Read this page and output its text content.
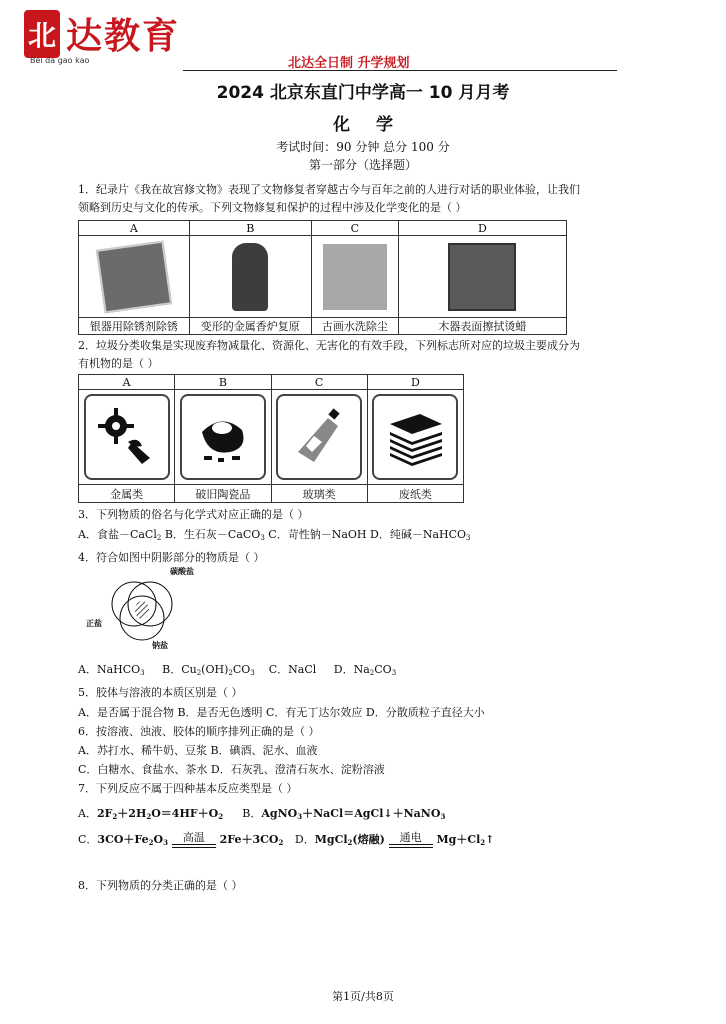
北 达教育
Bei da gao kao	北达全日制 升学规划
2024 北京东直门中学高一 10 月月考
化学
考试时间：90 分钟 总分 100 分
第一部分（选择题）
1．纪录片《我在故宫修文物》表现了文物修复者穿越古今与百年之前的人进行对话的职业体验，让我们
领略到历史与文化的传承。下列文物修复和保护的过程中涉及化学变化的是（ ）
A	B	C	D

银器用除锈剂除锈	变形的金属香炉复原	古画水洗除尘	木器表面擦拭烫蜡
2．垃圾分类收集是实现废弃物减量化、资源化、无害化的有效手段，下列标志所对应的垃圾主要成分为
有机物的是（ ）
A	B	C	D

金属类	破旧陶瓷品	玻璃类	废纸类
3．下列物质的俗名与化学式对应正确的是（ ）
A．食盐－CaCl$_2$ B．生石灰－CaCO$_3$ C．苛性钠－NaOH D．纯碱－NaHCO$_3$
4．符合如图中阴影部分的物质是（ ）
碳酸盐
正盐
钠盐
A．NaHCO$_3$ B．$Cu_2(OH)_2CO_3$ C．NaCl D．$Na_2CO_3$
5．胶体与溶液的本质区别是（ ）
A．是否属于混合物 B．是否无色透明 C．有无丁达尔效应 D．分散质粒子直径大小
6．按溶液、浊液、胶体的顺序排列正确的是（ ）
A．苏打水、稀牛奶、豆浆 B．碘酒、泥水、血液
C．白糖水、食盐水、茶水 D．石灰乳、澄清石灰水、淀粉溶液
7．下列反应不属于四种基本反应类型是（ ）
A．$2F_2+2H_2O=4HF+O_2$ B．AgNO$_3$＋NaCl＝AgCl↓＋NaNO$_3$
C．$3CO+Fe_2O_3$	高温	$2Fe+3CO_2$ D．MgCl$_2$(熔融)	通电	$Mg+Cl_2↑$
8．下列物质的分类正确的是（ ）
第1页/共8页
